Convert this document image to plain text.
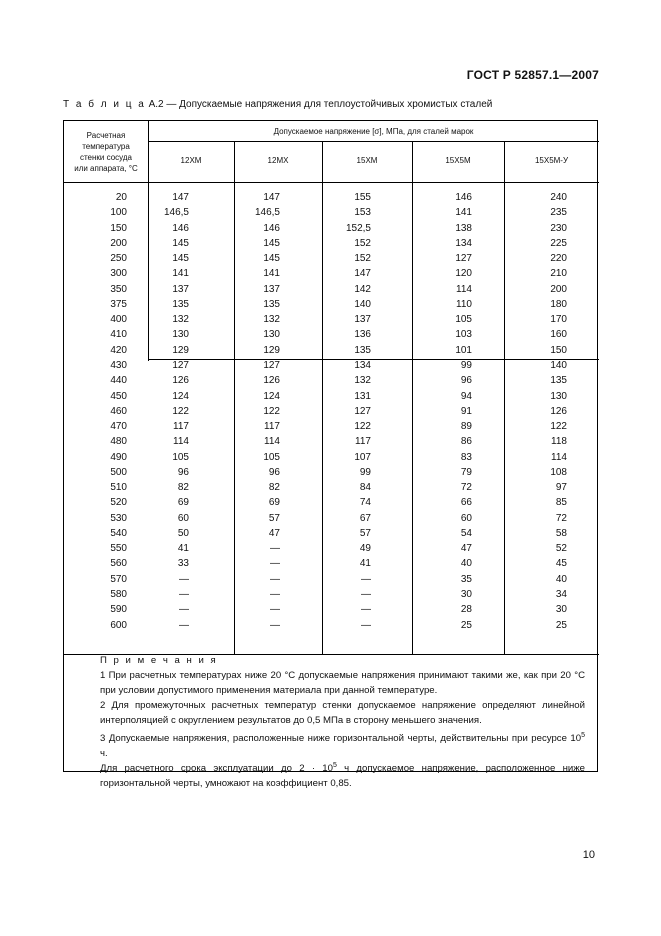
ГОСТ Р 52857.1—2007
Т а б л и ц а А.2 — Допускаемые напряжения для теплоустойчивых хромистых сталей
Расчетная
температура
стенки сосуда
или аппарата, °С
Допускаемое напряжение [σ], МПа, для сталей марок
12ХМ	12МХ	15ХМ	15Х5М	15Х5М-У
20	147	147	155	146	240
100	146,5	146,5	153	141	235
150	146	146	152,5	138	230
200	145	145	152	134	225
250	145	145	152	127	220
300	141	141	147	120	210
350	137	137	142	114	200
375	135	135	140	110	180
400	132	132	137	105	170
410	130	130	136	103	160
420	129	129	135	101	150
430	127	127	134	99	140
440	126	126	132	96	135
450	124	124	131	94	130
460	122	122	127	91	126
470	117	117	122	89	122
480	114	114	117	86	118
490	105	105	107	83	114
500	96	96	99	79	108
510	82	82	84	72	97
520	69	69	74	66	85
530	60	57	67	60	72
540	50	47	57	54	58
550	41	—	49	47	52
560	33	—	41	40	45
570	—	—	—	35	40
580	—	—	—	30	34
590	—	—	—	28	30
600	—	—	—	25	25
П р и м е ч а н и я
1 При расчетных температурах ниже 20 °С допускаемые напряжения принимают такими же, как при 20 °С при условии допустимого применения материала при данной температуре.
2 Для промежуточных расчетных температур стенки допускаемое напряжение определяют линейной интерполяцией с округлением результатов до 0,5 МПа в сторону меньшего значения.
3 Допускаемые напряжения, расположенные ниже горизонтальной черты, действительны при ресурсе $10^5$ ч.
Для расчетного срока эксплуатации до $2 \cdot 10^5$ ч допускаемое напряжение, расположенное ниже горизонтальной черты, умножают на коэффициент 0,85.
10
